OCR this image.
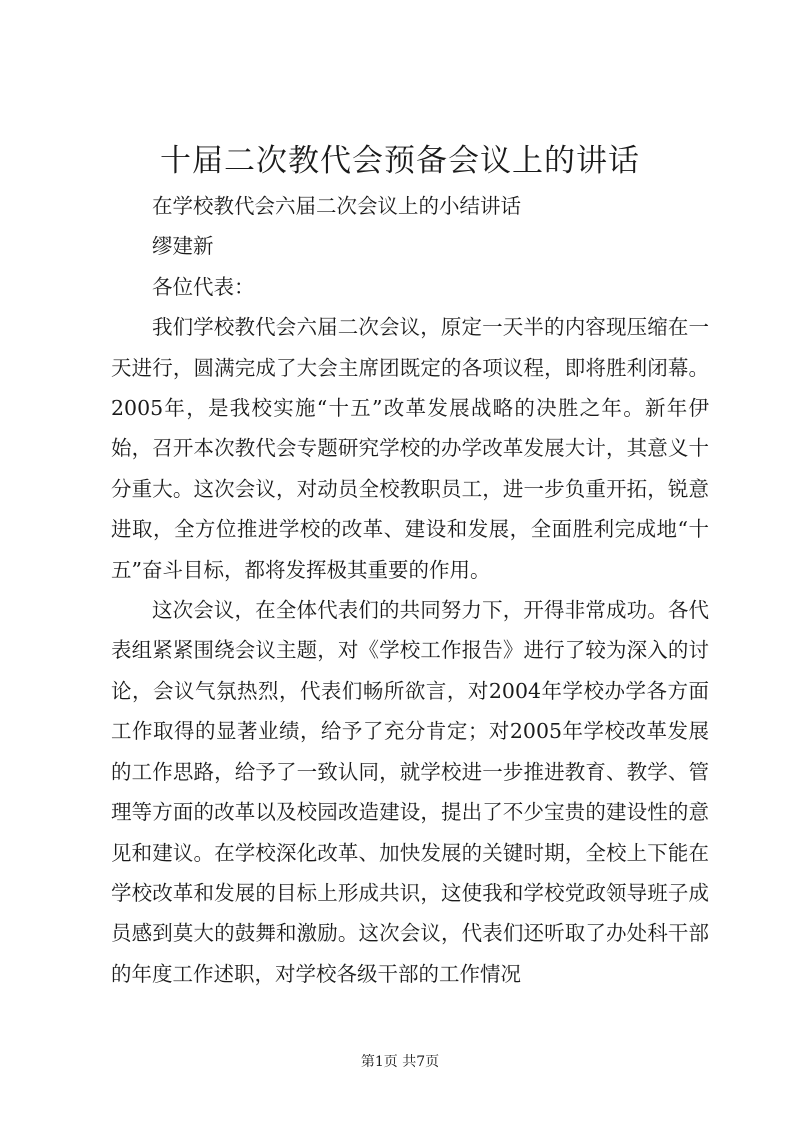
十届二次教代会预备会议上的讲话

在学校教代会六届二次会议上的小结讲话

缪建新

各位代表：

我们学校教代会六届二次会议，原定一天半的内容现压缩在一天进行，圆满完成了大会主席团既定的各项议程，即将胜利闭幕。2005年，是我校实施“十五”改革发展战略的决胜之年。新年伊始，召开本次教代会专题研究学校的办学改革发展大计，其意义十分重大。这次会议，对动员全校教职员工，进一步负重开拓，锐意进取，全方位推进学校的改革、建设和发展，全面胜利完成地“十五”奋斗目标，都将发挥极其重要的作用。

这次会议，在全体代表们的共同努力下，开得非常成功。各代表组紧紧围绕会议主题，对《学校工作报告》进行了较为深入的讨论，会议气氛热烈，代表们畅所欲言，对2004年学校办学各方面工作取得的显著业绩，给予了充分肯定；对2005年学校改革发展的工作思路，给予了一致认同，就学校进一步推进教育、教学、管理等方面的改革以及校园改造建设，提出了不少宝贵的建设性的意见和建议。在学校深化改革、加快发展的关键时期，全校上下能在学校改革和发展的目标上形成共识，这使我和学校党政领导班子成员感到莫大的鼓舞和激励。这次会议，代表们还听取了办处科干部的年度工作述职，对学校各级干部的工作情况

第1页 共7页
